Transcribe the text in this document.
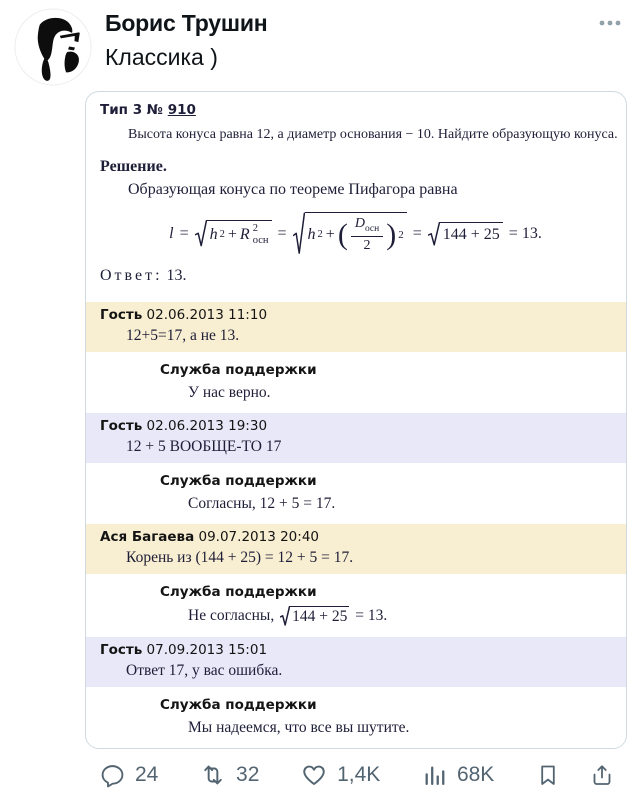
Борис Трушин
Классика )
Тип 3 № 910
Высота конуса равна 12, а диаметр основания − 10. Найдите образующую конуса.
Решение.
Образующая конуса по теореме Пифагора равна
l = h 2 + R 2
осн = h 2 + ( $\frac{D_{осн}}{2}$ ) 2 = 144 + 25 = 13.
Ответ: 13.
Гость 02.06.2013 11:10
12+5=17, а не 13.
Служба поддержки
У нас верно.
Гость 02.06.2013 19:30
12 + 5 ВООБЩЕ-ТО 17
Служба поддержки
Согласны, 12 + 5 = 17.
Ася Багаева 09.07.2013 20:40
Корень из (144 + 25) = 12 + 5 = 17.
Служба поддержки
Не согласны, 144 + 25 = 13.
Гость 07.09.2013 15:01
Ответ 17, у вас ошибка.
Служба поддержки
Мы надеемся, что все вы шутите.
24	32	1,4K	68K
